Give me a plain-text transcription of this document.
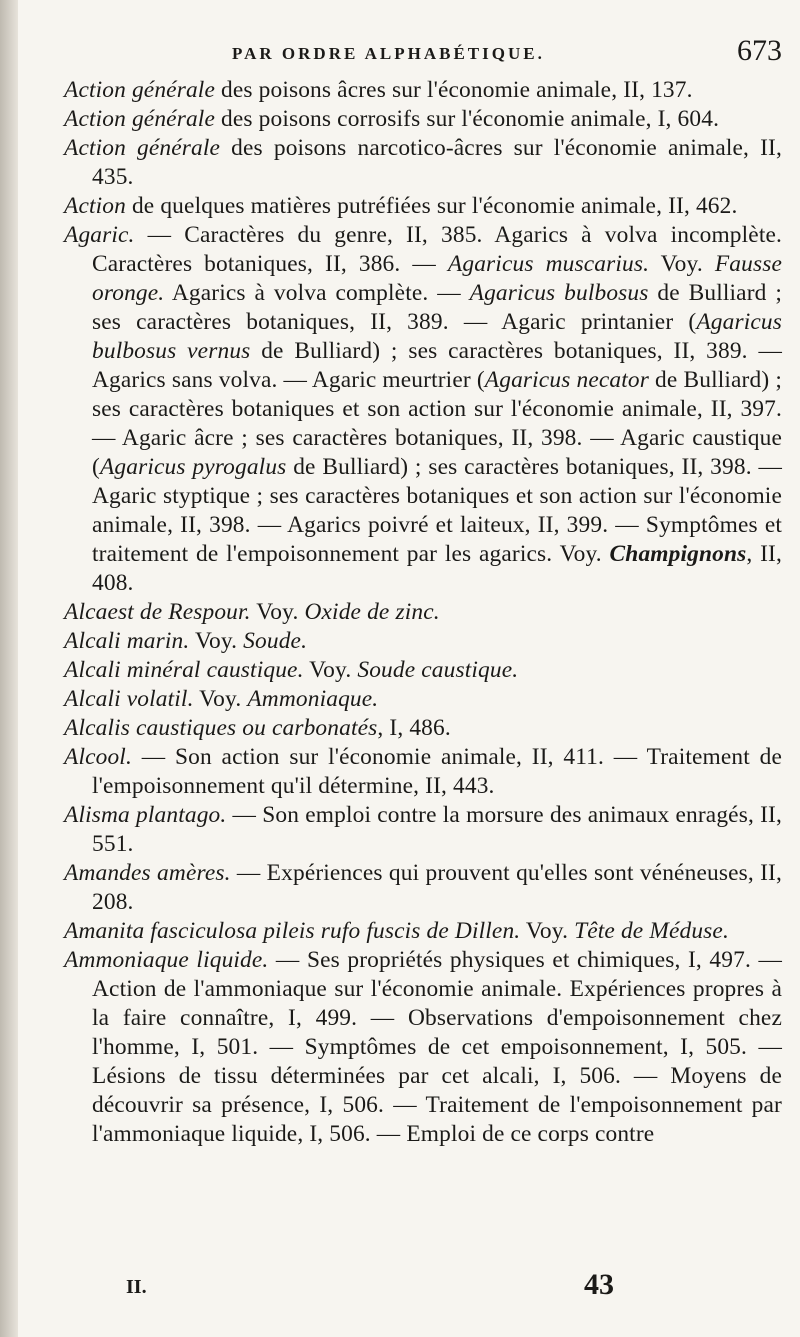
PAR ORDRE ALPHABÉTIQUE.	673

Action générale des poisons âcres sur l'économie animale, II, 137.

Action générale des poisons corrosifs sur l'économie animale, I, 604.

Action générale des poisons narcotico-âcres sur l'économie animale, II, 435.

Action de quelques matières putréfiées sur l'économie animale, II, 462.

Agaric. — Caractères du genre, II, 385. Agarics à volva incomplète. Caractères botaniques, II, 386. — Agaricus muscarius. Voy. Fausse oronge. Agarics à volva complète. — Agaricus bulbosus de Bulliard ; ses caractères botaniques, II, 389. — Agaric printanier (Agaricus bulbosus vernus de Bulliard) ; ses caractères botaniques, II, 389. — Agarics sans volva. — Agaric meurtrier (Agaricus necator de Bulliard) ; ses caractères botaniques et son action sur l'économie animale, II, 397. — Agaric âcre ; ses caractères botaniques, II, 398. — Agaric caustique (Agaricus pyrogalus de Bulliard) ; ses caractères botaniques, II, 398. — Agaric styptique ; ses caractères botaniques et son action sur l'économie animale, II, 398. — Agarics poivré et laiteux, II, 399. — Symptômes et traitement de l'empoisonnement par les agarics. Voy. Champignons, II, 408.

Alcaest de Respour. Voy. Oxide de zinc.

Alcali marin. Voy. Soude.

Alcali minéral caustique. Voy. Soude caustique.

Alcali volatil. Voy. Ammoniaque.

Alcalis caustiques ou carbonatés, I, 486.

Alcool. — Son action sur l'économie animale, II, 411. — Traitement de l'empoisonnement qu'il détermine, II, 443.

Alisma plantago. — Son emploi contre la morsure des animaux enragés, II, 551.

Amandes amères. — Expériences qui prouvent qu'elles sont vénéneuses, II, 208.

Amanita fasciculosa pileis rufo fuscis de Dillen. Voy. Tête de Méduse.

Ammoniaque liquide. — Ses propriétés physiques et chimiques, I, 497. — Action de l'ammoniaque sur l'économie animale. Expériences propres à la faire connaître, I, 499. — Observations d'empoisonnement chez l'homme, I, 501. — Symptômes de cet empoisonnement, I, 505. — Lésions de tissu déterminées par cet alcali, I, 506. — Moyens de découvrir sa présence, I, 506. — Traitement de l'empoisonnement par l'ammoniaque liquide, I, 506. — Emploi de ce corps contre

II.	43
